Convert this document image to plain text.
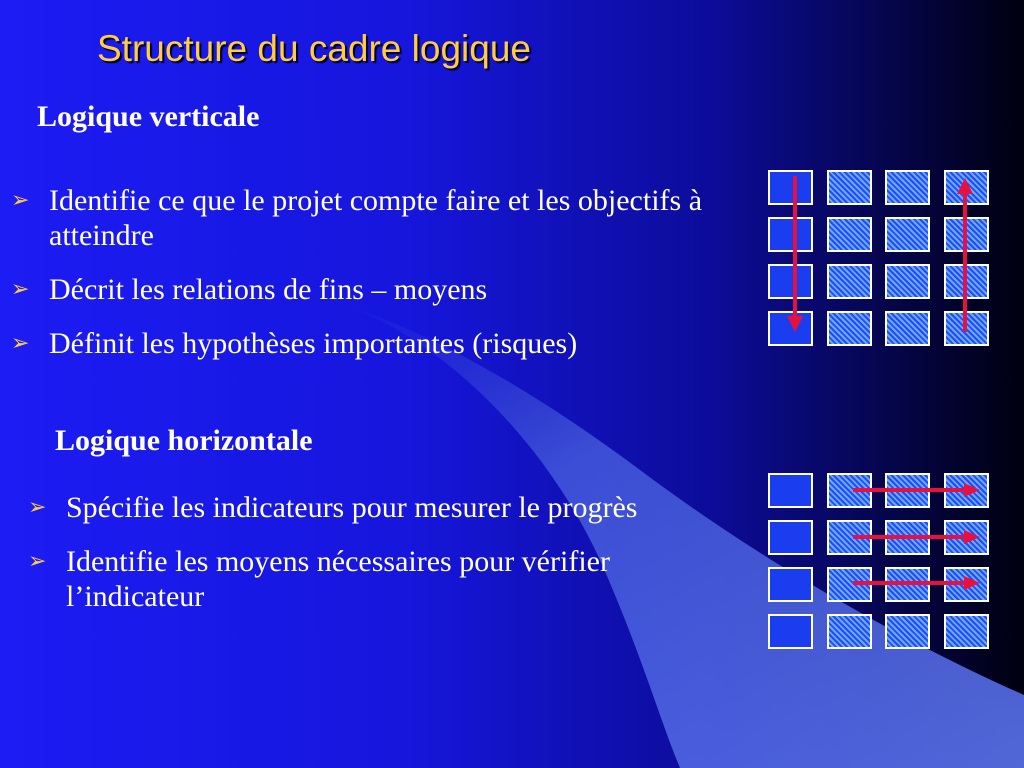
Structure du cadre logique
Logique verticale
➢ Identifie ce que le projet compte faire et les objectifs à atteindre
➢ Décrit les relations de fins – moyens
➢ Définit les hypothèses importantes (risques)
Logique horizontale
➢ Spécifie les indicateurs pour mesurer le progrès
➢ Identifie les moyens nécessaires pour vérifier l’indicateur
